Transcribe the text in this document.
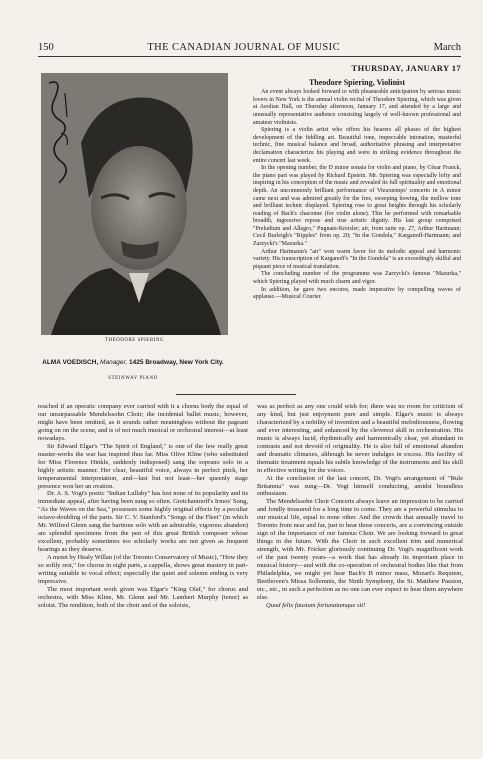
150	THE CANADIAN JOURNAL OF MUSIC	March
THEODORE SPIERING
ALMA VOEDISCH, Manager, 1425 Broadway, New York City.
STEINWAY PIANO
THURSDAY, JANUARY 17
Theodore Spiering, Violinist

An event always looked forward to with pleasurable anticipation by serious music lovers in New York is the annual violin recital of Theodore Spiering, which was given at Aeolian Hall, on Thursday afternoon, January 17, and attended by a large and unusually representative audience consisting largely of well-known professional and amateur violinists.

Spiering is a violin artist who offers his hearers all phases of the highest development of the fiddling art. Beautiful tone, impeccable intonation, masterful technic, fine musical balance and broad, authoritative phrasing and interpretative declamation characterize his playing and were in striking evidence throughout the entire concert last week.

In the opening number, the D minor sonata for violin and piano, by César Franck, the piano part was played by Richard Epstein. Mr. Spiering was especially lofty and inspiring in his conception of the music and revealed its full spirituality and emotional depth. An uncommonly brilliant performance of Vieuxtemps' concerto in A minor came next and was admired greatly for the free, sweeping bowing, the mellow tone and brilliant technic displayed. Spiering rose to great heights through his scholarly reading of Bach's chaconne (for violin alone). This he performed with remarkable breadth, ingressive repose and true artistic dignity. His last group comprised "Preludium and Allegro," Pugnani-Kreisler; air, from suite op. 27, Arthur Hartmann; Cecil Burleigh's "Ripples" from op. 20; "In the Gondola," Karganoff-Hartmann; and Zarzycki's "Mazurka."

Arthur Hartmann's "air" won warm favor for its melodic appeal and harmonic variety. His transcription of Karganoff's "In the Gondola" is an exceedingly skilful and piquant piece of musical translation.

The concluding number of the programme was Zarzycki's famous "Mazurka," which Spiering played with much charm and vigor.

In addition, he gave two encores, made imperative by compelling waves of applause.—Musical Courier.

reached if an operatic company ever carried with it a chorus body the equal of our unsurpassable Mendelssohn Choir; the incidental ballet music, however, might have been omitted, as it sounds rather meaningless without the pageant going on on the scene, and is of not much musical or orchestral interest—at least nowadays.

Sir Edward Elgar's "The Spirit of England," is one of the few really great master-works the war has inspired thus far. Miss Olive Kline (who substituted for Miss Florence Hinkle, suddenly indisposed) sang the soprano solo in a highly artistic manner. Her clear, beautiful voice, always in perfect pitch, her temperamental interpretation, and—last but not least—her queenly stage presence won her an ovation.

Dr. A. S. Vogt's poetic "Indian Lullaby" has lost none of its popularity and its immediate appeal, after having been sung so often. Gretchaninoff's Irmos' Song, "As the Waves on the Sea," possesses some highly original effects by a peculiar octave-doubling of the parts. Sir C. V. Stanford's "Songs of the Fleet" (in which Mr. Wilfred Glenn sang the baritone solo with an admirable, vigorous abandon) are splendid specimens from the pen of this great British composer whose excellent, probably sometimes too scholarly works are not given as frequent hearings as they deserve.

A motet by Healy Willan (of the Toronto Conservatory of Music), "How they so softly rest," for chorus in eight parts, a cappella, shows great mastery in part-writing suitable to vocal effect; especially the quiet and solemn ending is very impressive.

The most important work given was Elgar's "King Olaf," for chorus and orchestra, with Miss Kline, Mr. Glenn and Mr. Lambert Murphy (tenor) as soloist. The rendition, both of the choir and of the soloists,

was as perfect as any one could wish for; there was no room for criticism of any kind, but just enjoyment pure and simple. Elgar's music is always characterized by a nobility of invention and a beautiful melodiousness, flowing and ever interesting, and enhanced by the cleverest skill in orchestration. His music is always lucid, rhythmically and harmonically clear, yet abundant in contrasts and not devoid of originality. He is also full of emotional abandon and dramatic climaxes, although he never indulges in excess. His facility of thematic treatment equals his subtle knowledge of the instruments and his skill in effective writing for the voices.

At the conclusion of the last concert, Dr. Vogt's arrangement of "Rule Britannia" was sung—Dr. Vogt himself conducting, amidst boundless enthusiasm.

The Mendelssohn Choir Concerts always leave an impression to be carried and fondly treasured for a long time to come. They are a powerful stimulus to our musical life, equal to none other. And the crowds that annually travel to Toronto from near and far, just to hear those concerts, are a convincing outside sign of the importance of our famous Choir. We are looking forward to great things in the future. With the Choir in such excellent trim and numerical strength, with Mr. Fricker gloriously continuing Dr. Vogt's magnificent work of the past twenty years—a work that has already its important place in musical history—and with the co-operation of orchestral bodies like that from Philadelphia, we might yet hear Bach's B minor mass, Mozart's Requiem, Beethoven's Missa Sollemnis, the Ninth Symphony, the St. Matthew Passion, etc., etc., in such a perfection as no one can ever expect to hear them anywhere else.

Quod felix faustum fortunatumque sit!
